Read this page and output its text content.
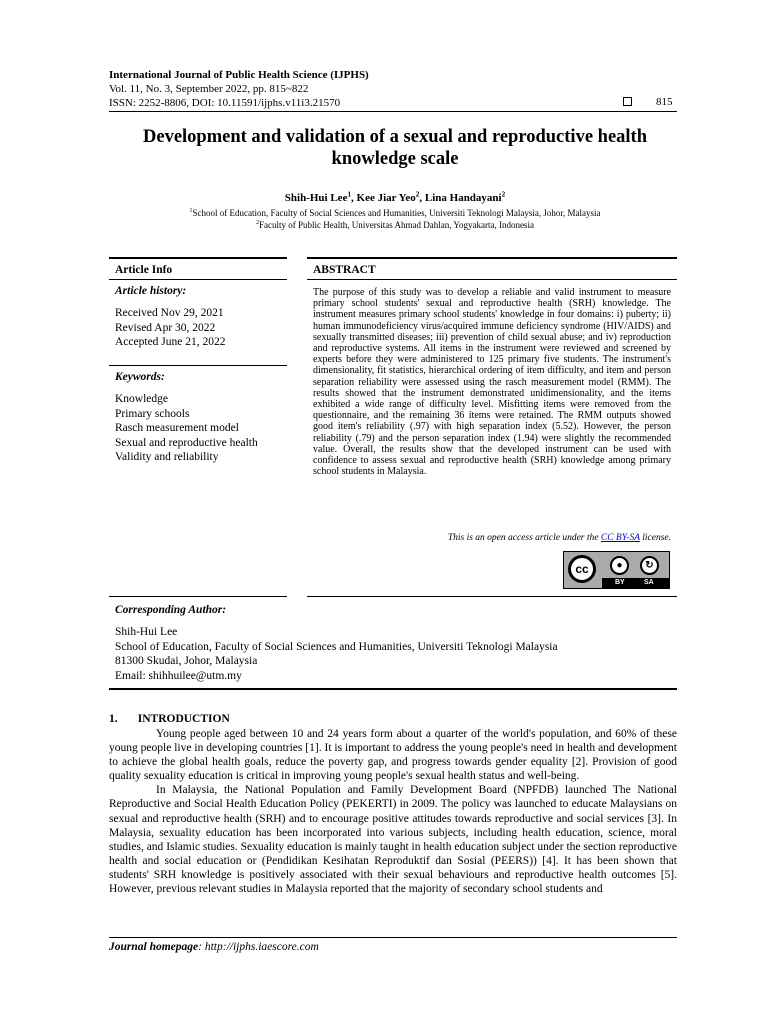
International Journal of Public Health Science (IJPHS)
Vol. 11, No. 3, September 2022, pp. 815~822
ISSN: 2252-8806, DOI: 10.11591/ijphs.v11i3.21570	815
Development and validation of a sexual and reproductive health knowledge scale
Shih-Hui Lee$^1$, Kee Jiar Yeo$^2$, Lina Handayani$^2$
$^1$School of Education, Faculty of Social Sciences and Humanities, Universiti Teknologi Malaysia, Johor, Malaysia
$^2$Faculty of Public Health, Universitas Ahmad Dahlan, Yogyakarta, Indonesia
Article Info
Article history:
Received Nov 29, 2021
Revised Apr 30, 2022
Accepted June 21, 2022
Keywords:
Knowledge
Primary schools
Rasch measurement model
Sexual and reproductive health
Validity and reliability
ABSTRACT
The purpose of this study was to develop a reliable and valid instrument to measure primary school students' sexual and reproductive health (SRH) knowledge. The instrument measures primary school students' knowledge in four domains: i) puberty; ii) human immunodeficiency virus/acquired immune deficiency syndrome (HIV/AIDS) and sexually transmitted diseases; iii) prevention of child sexual abuse; and iv) reproduction and reproductive systems. All items in the instrument were reviewed and screened by experts before they were administered to 125 primary five students. The instrument's dimensionality, fit statistics, hierarchical ordering of item difficulty, and item and person separation reliability were assessed using the rasch measurement model (RMM). The results showed that the instrument demonstrated unidimensionality, and the items exhibited a wide range of difficulty level. Misfitting items were removed from the questionnaire, and the remaining 36 items were retained. The RMM outputs showed good item's reliability (.97) with high separation index (5.52). However, the person reliability (.79) and the person separation index (1.94) were slightly the recommended value. Overall, the results show that the developed instrument can be used with confidence to assess sexual and reproductive health (SRH) knowledge among primary school students in Malaysia.
This is an open access article under the CC BY-SA license.
cc	●	↻
BY	SA
Corresponding Author:
Shih-Hui Lee
School of Education, Faculty of Social Sciences and Humanities, Universiti Teknologi Malaysia
81300 Skudai, Johor, Malaysia
Email: shihhuilee@utm.my
1.       INTRODUCTION

Young people aged between 10 and 24 years form about a quarter of the world's population, and 60% of these young people live in developing countries [1]. It is important to address the young people's need in health and development to achieve the global health goals, reduce the poverty gap, and progress towards gender equality [2]. Provision of good quality sexuality education is critical in improving young people's sexual health status and well-being.

In Malaysia, the National Population and Family Development Board (NPFDB) launched The National Reproductive and Social Health Education Policy (PEKERTI) in 2009. The policy was launched to educate Malaysians on sexual and reproductive health (SRH) and to encourage positive attitudes towards reproductive and social services [3]. In Malaysia, sexuality education has been incorporated into various subjects, including health education, science, moral studies, and Islamic studies. Sexuality education is mainly taught in health education subject under the section reproductive health and social education or (Pendidikan Kesihatan Reproduktif dan Sosial (PEERS)) [4]. It has been shown that students' SRH knowledge is positively associated with their sexual behaviours and reproductive health outcomes [5]. However, previous relevant studies in Malaysia reported that the majority of secondary school students and

Journal homepage: http://ijphs.iaescore.com
